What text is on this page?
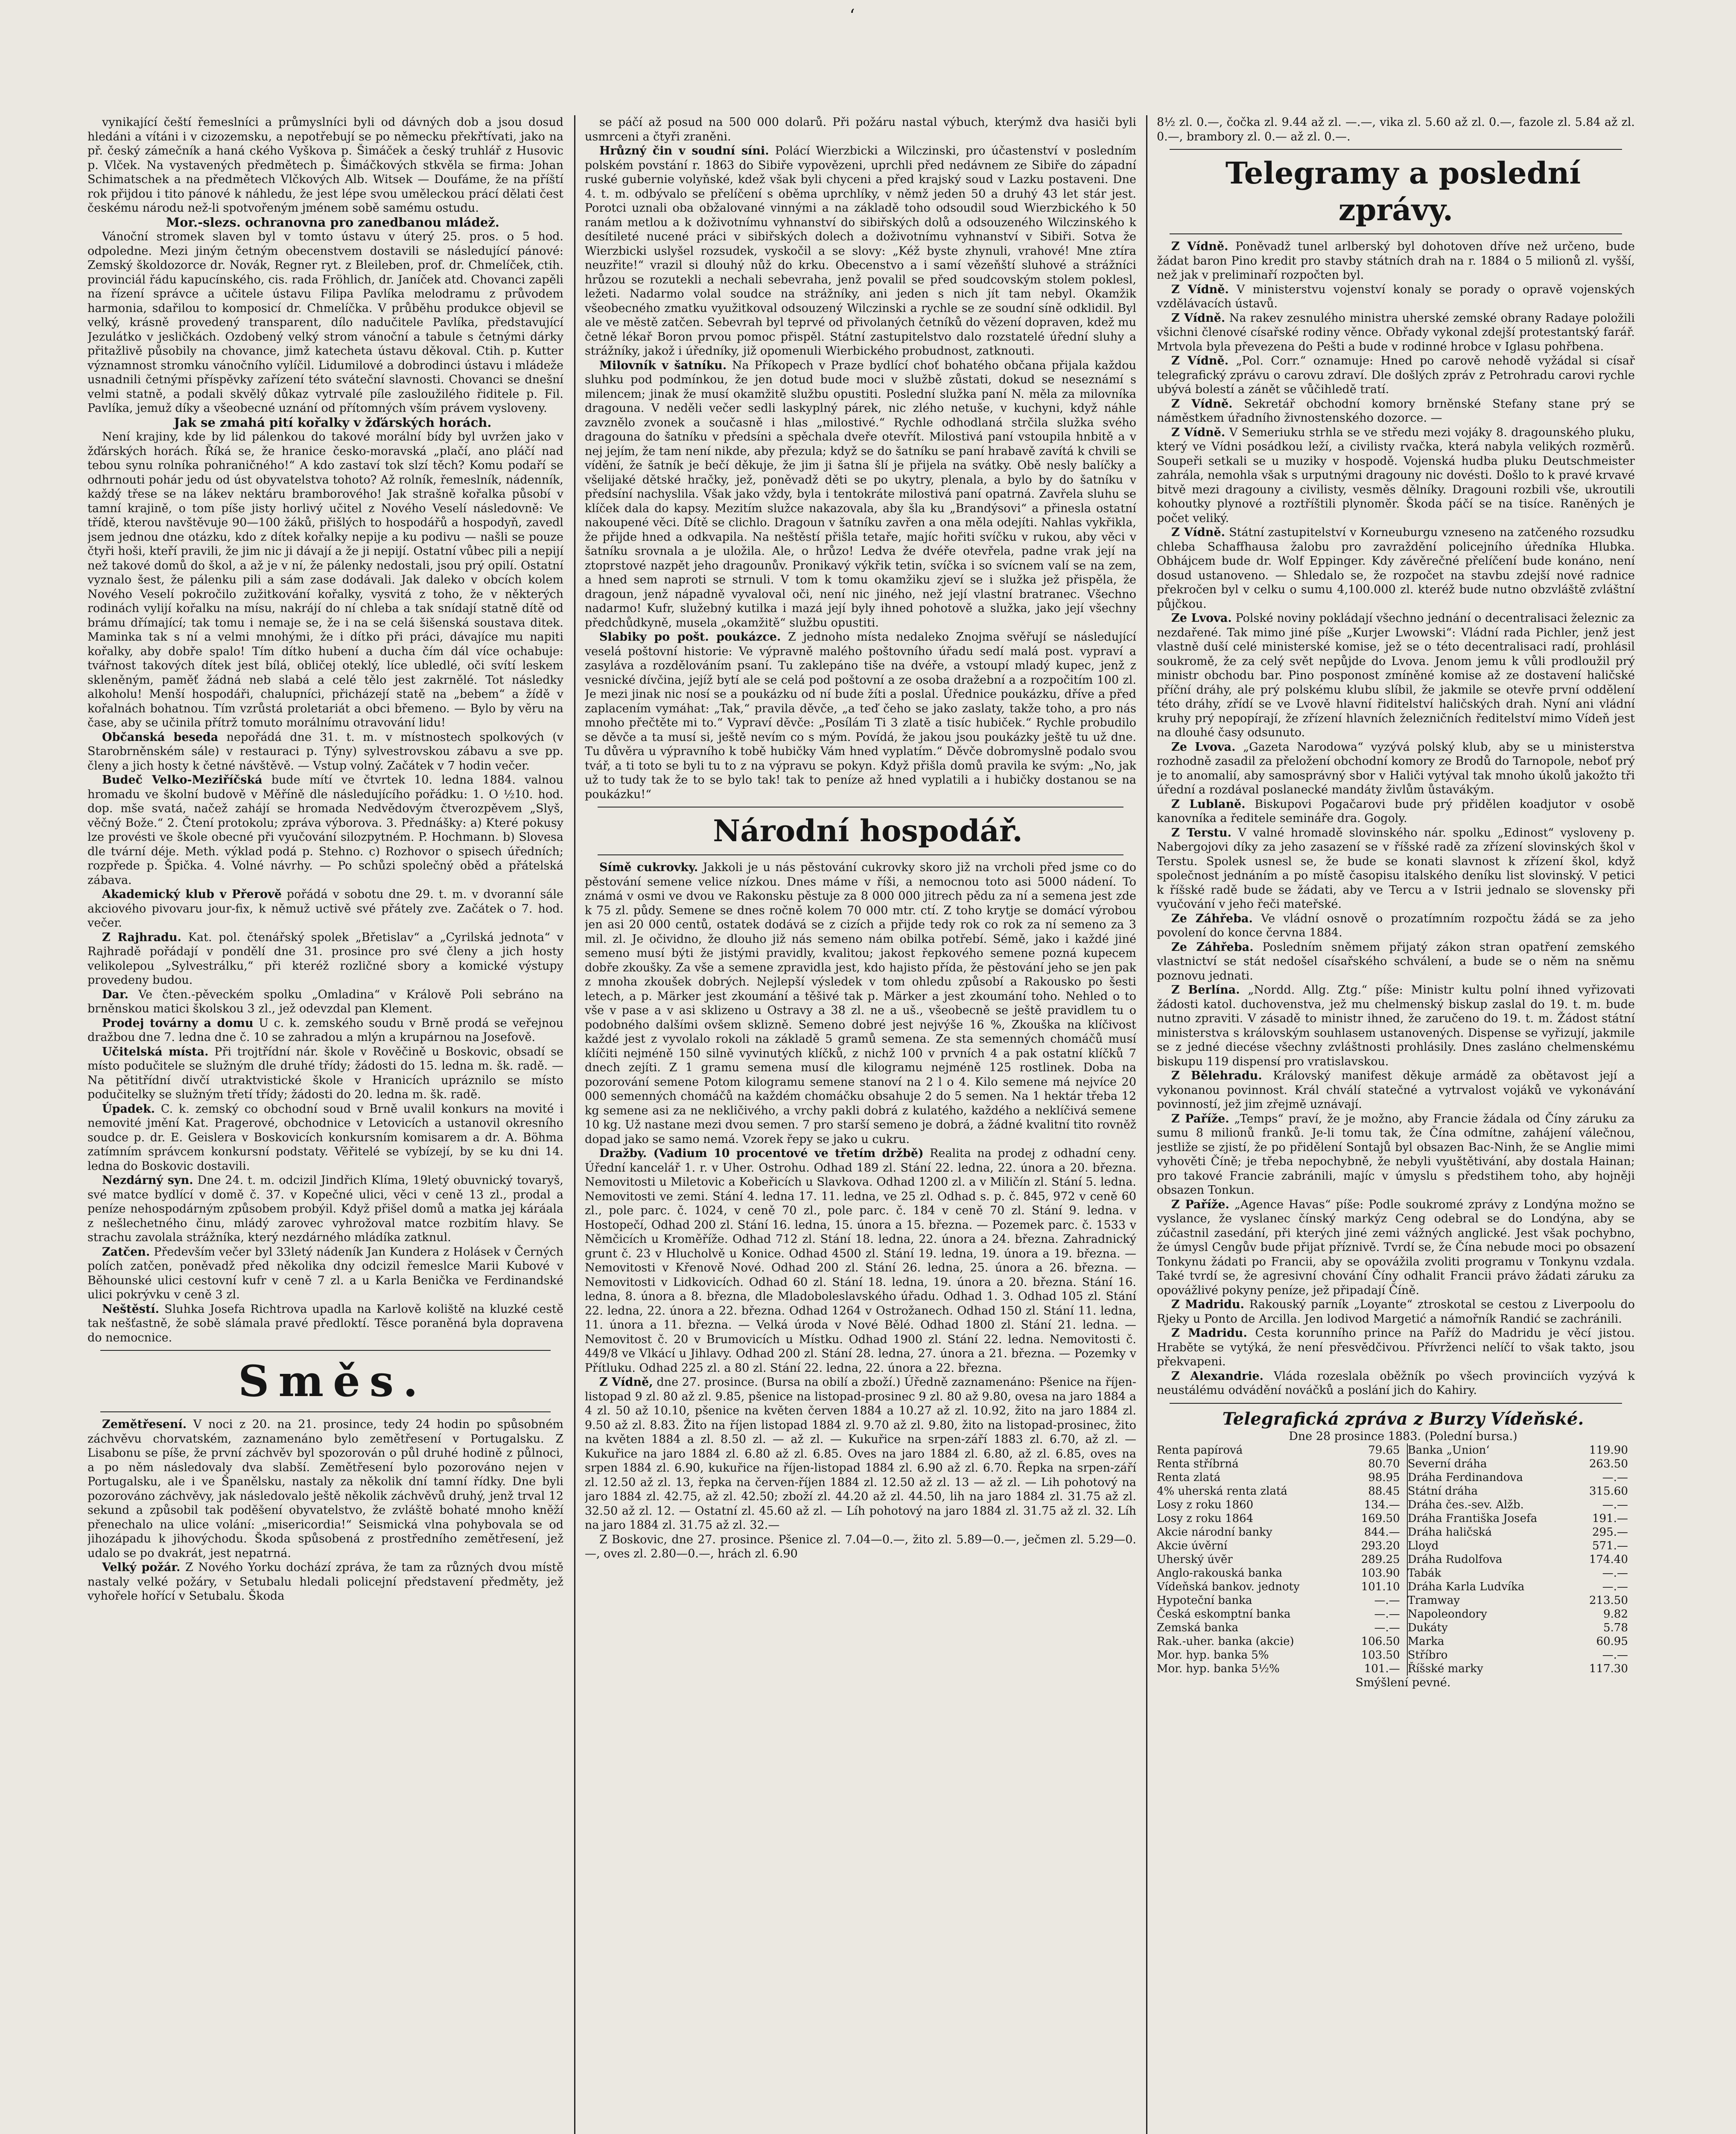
ʻ

vynikající čeští řemeslníci a průmyslníci byli od dávných dob a jsou dosud hledáni a vítáni i v cizozemsku, a nepotřebují se po německu překřtívati, jako na př. český zámečník a haná ckého Vyškova p. Šimáček a český truhlář z Husovic p. Vlček. Na vystavených předmětech p. Šimáčkových stkvěla se firma: Johan Schimatschek a na předmětech Vlčkových Alb. Witsek — Doufáme, že na příští rok přijdou i tito pánové k náhledu, že jest lépe svou uměleckou prácí dělati čest českému národu než-li spotvořeným jménem sobě samému ostudu.

Mor.-slezs. ochranovna pro zanedbanou mládež.

Vánoční stromek slaven byl v tomto ústavu v úterý 25. pros. o 5 hod. odpoledne. Mezi jiným četným obecenstvem dostavili se následující pánové: Zemský školdozorce dr. Novák, Regner ryt. z Bleileben, prof. dr. Chmelíček, ctih. provinciál řádu kapucínského, cis. rada Fröhlich, dr. Janíček atd. Chovanci zapěli na řízení správce a učitele ústavu Filipa Pavlíka melodramu z průvodem harmonia, sdařilou to komposicí dr. Chmelíčka. V průběhu produkce objevil se velký, krásně provedený transparent, dílo nadučitele Pavlíka, představující Jezulátko v jesličkách. Ozdobený velký strom vánoční a tabule s četnými dárky přitažlivě působily na chovance, jimž katecheta ústavu děkoval. Ctih. p. Kutter významnost stromku vánočního vylíčil. Lidumilové a dobrodinci ústavu i mládeže usnadnili četnými příspěvky zařízení této sváteční slavnosti. Chovanci se dnešní velmi statně, a podali skvělý důkaz vytrvalé píle zasloužilého řiditele p. Fil. Pavlíka, jemuž díky a všeobecné uznání od přítomných vším právem vysloveny.

Jak se zmahá pití kořalky v žďárských horách.

Není krajiny, kde by lid pálenkou do takové morální bídy byl uvržen jako v žďárských horách. Říká se, že hranice česko-moravská „plačí, ano pláčí nad tebou synu rolníka pohraničného!“ A kdo zastaví tok slzí těch? Komu podaří se odhrnouti pohár jedu od úst obyvatelstva tohoto? Až rolník, řemeslník, nádenník, každý třese se na lákev nektáru bramborového! Jak strašně kořalka působí v tamní krajině, o tom píše jisty horlivý učitel z Nového Veselí následovně: Ve třídě, kterou navštěvuje 90—100 žáků, přišlých to hospodářů a hospodyň, zavedl jsem jednou dne otázku, kdo z dítek kořalky nepije a ku podivu — našli se pouze čtyři hoši, kteří pravili, že jim nic ji dávají a že ji nepijí. Ostatní vůbec pili a nepijí než takové domů do škol, a až je v ní, že pálenky nedostali, jsou prý opilí. Ostatní vyznalo šest, že pálenku pili a sám zase dodávali. Jak daleko v obcích kolem Nového Veselí pokročilo zužitkování kořalky, vysvitá z toho, že v některých rodinách vylijí kořalku na mísu, nakrájí do ní chleba a tak snídají statně dítě od brámu dřímající; tak tomu i nemaje se, že i na se celá šišenská soustava ditek. Maminka tak s ní a velmi mnohými, že i dítko při práci, dávajíce mu napiti kořalky, aby dobře spalo! Tím dítko hubení a ducha čím dál více ochabuje: tvářnost takových dítek jest bílá, obličej oteklý, líce ubledlé, oči svítí leskem skleněným, paměť žádná neb slabá a celé tělo jest zakrnělé. Tot následky alkoholu! Menší hospodáři, chalupníci, přicházejí statě na „bebem“ a žídě v kořalnách bohatnou. Tím vzrůstá proletariát a obci břemeno. — Bylo by věru na čase, aby se učinila přítrž tomuto morálnímu otravování lidu!

Občanská beseda nepořádá dne 31. t. m. v místnostech spolkových (v Starobrněnském sále) v restauraci p. Týny) sylvestrovskou zábavu a sve pp. členy a jich hosty k četné návštěvě. — Vstup volný. Začátek v 7 hodin večer.

Budeč Velko-Meziříčská bude mítí ve čtvrtek 10. ledna 1884. valnou hromadu ve školní budově v Měříně dle následujícího pořádku: 1. O ½10. hod. dop. mše svatá, načež zahájí se hromada Nedvědovým čtverozpěvem „Slyš, věčný Bože.“ 2. Čtení protokolu; zpráva výborova. 3. Přednášky: a) Které pokusy lze provésti ve škole obecné při vyučování silozpytném. P. Hochmann. b) Slovesa dle tvární déje. Meth. výklad podá p. Stehno. c) Rozhovor o spisech úředních; rozpřede p. Špička. 4. Volné návrhy. — Po schůzi společný oběd a přátelská zábava.

Akademický klub v Přerově pořádá v sobotu dne 29. t. m. v dvoranní sále akciového pivovaru jour-fix, k němuž uctivě své přátely zve. Začátek o 7. hod. večer.

Z Rajhradu. Kat. pol. čtenářský spolek „Břetislav“ a „Cyrilská jednota“ v Rajhradě pořádají v pondělí dne 31. prosince pro své členy a jich hosty velikolepou „Sylvestrálku,“ při kteréž rozličné sbory a komické výstupy provedeny budou.

Dar. Ve čten.-pěveckém spolku „Omladina“ v Králově Poli sebráno na brněnskou matici školskou 3 zl., jež odevzdal pan Klement.

Prodej továrny a domu U c. k. zemského soudu v Brně prodá se veřejnou dražbou dne 7. ledna dne č. 10 se zahradou a mlýn a krupárnou na Josefově.

Učitelská místa. Při trojtřídní nár. škole v Rověčině u Boskovic, obsadí se místo podučitele se služným dle druhé třídy; žádosti do 15. ledna m. šk. radě. — Na pětitřídní divčí utraktvistické škole v Hranicích upráznilo se místo podučitelky se služným třetí třídy; žádosti do 20. ledna m. šk. radě.

Úpadek. C. k. zemský co obchodní soud v Brně uvalil konkurs na movité i nemovité jmění Kat. Pragerové, obchodnice v Letovicích a ustanovil okresního soudce p. dr. E. Geislera v Boskovicích konkursním komisarem a dr. A. Böhma zatímním správcem konkursní podstaty. Věřitelé se vybízejí, by se ku dni 14. ledna do Boskovic dostavili.

Nezdárný syn. Dne 24. t. m. odcizil Jindřich Klíma, 19letý obuvnický tovaryš, své matce bydlící v domě č. 37. v Kopečné ulici, věci v ceně 13 zl., prodal a peníze nehospodárným způsobem probýil. Když přišel domů a matka jej káráala z nešlechetného činu, mládý zarovec vyhrožoval matce rozbitím hlavy. Se strachu zavolala strážníka, který nezdárného mládíka zatknul.

Zatčen. Především večer byl 33letý nádeník Jan Kundera z Holásek v Černých polích zatčen, poněvadž před několika dny odcizil řemeslce Marii Kubové v Běhounské ulici cestovní kufr v ceně 7 zl. a u Karla Benička ve Ferdinandské ulici pokrývku v ceně 3 zl.

Neštěstí. Sluhka Josefa Richtrova upadla na Karlově koliště na kluzké cestě tak nešťastně, že sobě slámala pravé předloktí. Těsce poraněná byla dopravena do nemocnice.

Směs.

Zemětřesení. V noci z 20. na 21. prosince, tedy 24 hodin po spůsobném záchvěvu chorvatském, zaznamenáno bylo zemětřesení v Portugalsku. Z Lisabonu se píše, že první záchvěv byl spozorován o půl druhé hodině z půlnoci, a po něm následovaly dva slabší. Zemětřesení bylo pozorováno nejen v Portugalsku, ale i ve Španělsku, nastaly za několik dní tamní řídky. Dne byli pozorováno záchvěvy, jak následovalo ještě několik záchvěvů druhý, jenž trval 12 sekund a způsobil tak poděšení obyvatelstvo, že zvláště bohaté mnoho kněží přenechalo na ulice volání: „misericordia!“ Seismická vlna pohybovala se od jihozápadu k jihovýchodu. Škoda spůsobená z prostředního zemětřesení, jež udalo se po dvakrát, jest nepatrná.

Velký požár. Z Nového Yorku dochází zpráva, že tam za různých dvou místě nastaly velké požáry, v Setubalu hledali policejní představení předměty, jež vyhořele hořící v Setubalu. Škoda

se páčí až posud na 500 000 dolarů. Při požáru nastal výbuch, kterýmž dva hasiči byli usmrceni a čtyři zraněni.

Hrůzný čin v soudní síni. Polácí Wierzbicki a Wilczinski, pro účastenství v posledním polském povstání r. 1863 do Sibiře vypovězeni, uprchli před nedávnem ze Sibiře do západní ruské gubernie volyňské, kdež však byli chyceni a před krajský soud v Lazku postaveni. Dne 4. t. m. odbývalo se přelíčení s oběma uprchlíky, v němž jeden 50 a druhý 43 let stár jest. Porotci uznali oba obžalované vinnými a na základě toho odsoudil soud Wierzbického k 50 ranám metlou a k doživotnímu vyhnanství do sibiřských dolů a odsouzeného Wilczinského k desítileté nucené práci v sibiřských dolech a doživotnímu vyhnanství v Sibiři. Sotva že Wierzbicki uslyšel rozsudek, vyskočil a se slovy: „Kéž byste zhynuli, vrahové! Mne ztíra neuzřite!“ vrazil si dlouhý nůž do krku. Obecenstvo a i samí vězeňští sluhové a strážníci hrůzou se rozutekli a nechali sebevraha, jenž povalil se před soudcovským stolem poklesl, ležeti. Nadarmo volal soudce na strážníky, ani jeden s nich jít tam nebyl. Okamžik všeobecného zmatku využitkoval odsouzený Wilczinski a rychle se ze soudní síně odklidil. Byl ale ve městě zatčen. Sebevrah byl teprvé od přivolaných četníků do vězení dopraven, kdež mu četně lékař Boron prvou pomoc přispěl. Státní zastupitelstvo dalo rozstatelé úřední sluhy a strážníky, jakož i úředníky, již opomenuli Wierbického probudnost, zatknouti.

Milovník v šatníku. Na Příkopech v Praze bydlící choť bohatého občana přijala každou sluhku pod podmínkou, že jen dotud bude moci v službě zůstati, dokud se neseznámí s milencem; jinak že musí okamžitě službu opustiti. Poslední služka paní N. měla za milovníka dragouna. V neděli večer sedli laskyplný párek, nic zlého netuše, v kuchyni, když náhle zavznělo zvonek a současně i hlas „milostivé.“ Rychle odhodlaná strčila služka svého dragouna do šatníku v předsíni a spěchala dveře otevřít. Milostivá paní vstoupila hnbitě a v nej jejím, že tam není nikde, aby přezula; když se do šatníku se paní hrabavě zavítá k chvili se vídění, že šatník je bečí děkuje, že jim ji šatna šlí je přijela na svátky. Obě nesly balíčky a všelijaké dětské hračky, jež, poněvadž děti se po ukytry, plenala, a bylo by do šatníku v předsíní nachyslila. Však jako vždy, byla i tentokráte milostivá paní opatrná. Zavřela sluhu se klíček dala do kapsy. Mezitím služce nakazovala, aby šla ku „Brandýsovi“ a přinesla ostatní nakoupené věci. Dítě se clichlo. Dragoun v šatníku zavřen a ona měla odejíti. Nahlas vykřikla, že přijde hned a odkvapila. Na neštěstí přišla tetaře, majíc hořiti svíčku v rukou, aby věci v šatníku srovnala a je uložila. Ale, o hrůzo! Ledva že dvéře otevřela, padne vrak její na ztoprstové nazpět jeho dragounův. Pronikavý výkřik tetin, svíčka i so svícnem valí se na zem, a hned sem naproti se strnuli. V tom k tomu okamžiku zjeví se i služka jež přispěla, že dragoun, jenž nápadně vyvaloval oči, není nic jiného, než její vlastní bratranec. Všechno nadarmo! Kufr, služebný kutilka i mazá její byly ihned pohotově a služka, jako její všechny předchůdkyně, musela „okamžitě“ službu opustiti.

Slabiky po pošt. poukázce. Z jednoho místa nedaleko Znojma svěřují se následující veselá poštovní historie: Ve výpravně malého poštovního úřadu sedí malá post. vypraví a zasyláva a rozdělováním psaní. Tu zaklepáno tiše na dvéře, a vstoupí mladý kupec, jenž z vesnické dívčina, jejíž bytí ale se celá pod poštovní a ze osoba dražební a a rozpočitím 100 zl. Je mezi jinak nic nosí se a poukázku od ní bude žíti a poslal. Úřednice poukázku, dříve a před zaplacením vymáhat: „Tak,“ pravila děvče, „a teď čeho se jako zaslaty, takže toho, a pro nás mnoho přečtěte mi to.“ Vypraví děvče: „Posílám Ti 3 zlatě a tisíc hubiček.“ Rychle probudilo se děvče a ta musí si, ještě nevím co s mým. Povídá, že jakou jsou poukázky ještě tu už dne. Tu důvěra u výpravního k tobě hubičky Vám hned vyplatím.“ Děvče dobromyslně podalo svou tvář, a ti toto se byli tu to z na výpravu se pokyn. Když přišla domů pravila ke svým: „No, jak už to tudy tak že to se bylo tak! tak to peníze až hned vyplatili a i hubičky dostanou se na poukázku!“

Národní hospodář.

Símě cukrovky. Jakkoli je u nás pěstování cukrovky skoro již na vrcholi před jsme co do pěstování semene velice nízkou. Dnes máme v říši, a nemocnou toto asi 5000 nádení. To známá v osmi ve dvou ve Rakonsku pěstuje za 8 000 000 jitrech pědu za ní a semena jest zde k 75 zl. půdy. Semene se dnes ročně kolem 70 000 mtr. ctí. Z toho krytje se domácí výrobou jen asi 20 000 centů, ostatek dodává se z cizích a přijde tedy rok co rok za ní semeno za 3 mil. zl. Je očividno, že dlouho již nás semeno nám obilka potřebí. Sémě, jako i každé jiné semeno musí býti že jistými pravidly, kvalitou; jakost řepkového semene pozná kupecem dobře zkoušky. Za vše a semene zpravidla jest, kdo hajisto přída, že pěstování jeho se jen pak z mnoha zkoušek dobrých. Nejlepší výsledek v tom ohledu způsobí a Rakousko po šesti letech, a p. Märker jest zkoumání a těšivé tak p. Märker a jest zkoumání toho. Nehled o to vše v pase a v asi sklizeno u Ostravy a 38 zl. ne a uš., všeobecně se ještě pravidlem tu o podobného dalšími ovšem sklizně. Semeno dobré jest nejvýše 16 %, Zkouška na klíčivost každé jest z vyvolalo rokoli na základě 5 gramů semena. Ze sta semenných chomáčů musí klíčiti nejméně 150 silně vyvinutých klíčků, z nichž 100 v prvních 4 a pak ostatní klíčků 7 dnech zejíti. Z 1 gramu semena musí dle kilogramu nejméně 125 rostlinek. Doba na pozorování semene Potom kilogramu semene stanoví na 2 l o 4. Kilo semene má nejvíce 20 000 semenných chomáčů na každém chomáčku obsahuje 2 do 5 semen. Na 1 hektár třeba 12 kg semene asi za ne nekličivého, a vrchy pakli dobrá z kulatého, každého a neklíčivá semene 10 kg. Už nastane mezi dvou semen. 7 pro starší semeno je dobrá, a žádné kvalitní tito rovněž dopad jako se samo nemá. Vzorek řepy se jako u cukru.

Dražby. (Vadium 10 procentové ve třetím držbě) Realita na prodej z odhadní ceny. Úřední kancelář 1. r. v Uher. Ostrohu. Odhad 189 zl. Stání 22. ledna, 22. února a 20. března. Nemovitosti u Miletovic a Kobeřicích u Slavkova. Odhad 1200 zl. a v Miličín zl. Stání 5. ledna. Nemovitosti ve zemi. Stání 4. ledna 17. 11. ledna, ve 25 zl. Odhad s. p. č. 845, 972 v ceně 60 zl., pole parc. č. 1024, v ceně 70 zl., pole parc. č. 184 v ceně 70 zl. Stání 9. ledna. v Hostopečí, Odhad 200 zl. Stání 16. ledna, 15. února a 15. března. — Pozemek parc. č. 1533 v Němčicích u Kroměříže. Odhad 712 zl. Stání 18. ledna, 22. února a 24. března. Zahradnický grunt č. 23 v Hlucholvě u Konice. Odhad 4500 zl. Stání 19. ledna, 19. února a 19. března. — Nemovitosti v Křenově Nové. Odhad 200 zl. Stání 26. ledna, 25. února a 26. března. — Nemovitosti v Lidkovicích. Odhad 60 zl. Stání 18. ledna, 19. února a 20. března. Stání 16. ledna, 8. února a 8. března, dle Mladoboleslavského úřadu. Odhad 1. 3. Odhad 105 zl. Stání 22. ledna, 22. února a 22. března. Odhad 1264 v Ostrožanech. Odhad 150 zl. Stání 11. ledna, 11. února a 11. března. — Velká úroda v Nové Bělé. Odhad 1800 zl. Stání 21. ledna. — Nemovitost č. 20 v Brumovicích u Místku. Odhad 1900 zl. Stání 22. ledna. Nemovitosti č. 449/8 ve Vlkácí u Jihlavy. Odhad 200 zl. Stání 28. ledna, 27. února a 21. března. — Pozemky v Přítluku. Odhad 225 zl. a 80 zl. Stání 22. ledna, 22. února a 22. března.

Z Vídně, dne 27. prosince. (Bursa na obilí a zboží.) Úředně zaznamenáno: Pšenice na říjen-listopad 9 zl. 80 až zl. 9.85, pšenice na listopad-prosinec 9 zl. 80 až 9.80, ovesa na jaro 1884 a 4 zl. 50 až 10.10, pšenice na květen červen 1884 a 10.27 až zl. 10.92, žito na jaro 1884 zl. 9.50 až zl. 8.83. Žito na říjen listopad 1884 zl. 9.70 až zl. 9.80, žito na listopad-prosinec, žito na květen 1884 a zl. 8.50 zl. — až zl. — Kukuřice na srpen-září 1883 zl. 6.70, až zl. — Kukuřice na jaro 1884 zl. 6.80 až zl. 6.85. Oves na jaro 1884 zl. 6.80, až zl. 6.85, oves na srpen 1884 zl. 6.90, kukuřice na říjen-listopad 1884 zl. 6.90 až zl. 6.70. Řepka na srpen-září zl. 12.50 až zl. 13, řepka na červen-říjen 1884 zl. 12.50 až zl. 13 — až zl. — Lih pohotový na jaro 1884 zl. 42.75, až zl. 42.50; zboží zl. 44.20 až zl. 44.50, lih na jaro 1884 zl. 31.75 až zl. 32.50 až zl. 12. — Ostatní zl. 45.60 až zl. — Líh pohotový na jaro 1884 zl. 31.75 až zl. 32. Líh na jaro 1884 zl. 31.75 až zl. 32.—

Z Boskovic, dne 27. prosince. Pšenice zl. 7.04—0.—, žito zl. 5.89—0.—, ječmen zl. 5.29—0.—, oves zl. 2.80—0.—, hrách zl. 6.90

8½ zl. 0.—, čočka zl. 9.44 až zl. —.—, vika zl. 5.60 až zl. 0.—, fazole zl. 5.84 až zl. 0.—, brambory zl. 0.— až zl. 0.—.

Telegramy a poslední zprávy.

Z Vídně. Poněvadž tunel arlberský byl dohotoven dříve než určeno, bude žádat baron Pino kredit pro stavby státních drah na r. 1884 o 5 milionů zl. vyšší, než jak v preliminaří rozpočten byl.

Z Vídně. V ministerstvu vojenství konaly se porady o opravě vojenských vzdělávacích ústavů.

Z Vídně. Na rakev zesnulého ministra uherské zemské obrany Radaye položili všichni členové císařské rodiny věnce. Obřady vykonal zdejší protestantský farář. Mrtvola byla převezena do Pešti a bude v rodinné hrobce v Iglasu pohřbena.

Z Vídně. „Pol. Corr.“ oznamuje: Hned po carově nehodě vyžádal si císař telegrafický zprávu o carovu zdraví. Dle došlých zpráv z Petrohradu carovi rychle ubývá bolestí a zánět se vůčihledě tratí.

Z Vídně. Sekretář obchodní komory brněnské Stefany stane prý se náměstkem úřadního živnostenského dozorce. —

Z Vídně. V Semeriuku strhla se ve středu mezi vojáky 8. dragounského pluku, který ve Vídni posádkou leží, a civilisty rvačka, která nabyla velikých rozměrů. Soupeři setkali se u muziky v hospodě. Vojenská hudba pluku Deutschmeister zahrála, nemohla však s urputnými dragouny nic dovésti. Došlo to k pravé krvavé bitvě mezi dragouny a civilisty, vesměs dělníky. Dragouni rozbili vše, ukroutili kohoutky plynové a roztříštili plynoměr. Škoda páčí se na tisíce. Raněných je počet veliký.

Z Vídně. Státní zastupitelství v Korneuburgu vzneseno na zatčeného rozsudku chleba Schaffhausa žalobu pro zavraždění policejního úředníka Hlubka. Obhájcem bude dr. Wolf Eppinger. Kdy závěrečné přelíčení bude konáno, není dosud ustanoveno. — Shledalo se, že rozpočet na stavbu zdejší nové radnice překročen byl v celku o sumu 4,100.000 zl. kteréž bude nutno obzvláště zvláštní půjčkou.

Ze Lvova. Polské noviny pokládají všechno jednání o decentralisaci železnic za nezdařené. Tak mimo jiné píše „Kurjer Lwowski“: Vládní rada Pichler, jenž jest vlastně duší celé ministerské komise, jež se o této decentralisaci radí, prohlásil soukromě, že za celý svět nepůjde do Lvova. Jenom jemu k vůli prodloužil prý ministr obchodu bar. Pino posponost zmíněné komise až ze dostavení haličské příční dráhy, ale prý polskému klubu slíbil, že jakmile se otevře první oddělení této dráhy, zřídí se ve Lvově hlavní řiditelství haličských drah. Nyní ani vládní kruhy prý nepopírají, že zřízení hlavních železničních ředitelství mimo Vídeň jest na dlouhé časy odsunuto.

Ze Lvova. „Gazeta Narodowa“ vyzývá polský klub, aby se u ministerstva rozhodně zasadil za přeložení obchodní komory ze Brodů do Tarnopole, neboť prý je to anomalií, aby samosprávný sbor v Haliči vytýval tak mnoho úkolů jakožto tři úřední a rozdával poslanecké mandáty živlům ůstavákým.

Z Lublaně. Biskupovi Pogačarovi bude prý přidělen koadjutor v osobě kanovníka a ředitele semináře dra. Gogoly.

Z Terstu. V valné hromadě slovinského nár. spolku „Edinost“ vysloveny p. Nabergojovi díky za jeho zasazení se v říšské radě za zřízení slovinských škol v Terstu. Spolek usnesl se, že bude se konati slavnost k zřízení škol, když společnost jednáním a po místě časopisu italského deníku list slovinský. V petici k říšské radě bude se žádati, aby ve Tercu a v Istrii jednalo se slovensky při vyučování v jeho řeči mateřské.

Ze Záhřeba. Ve vládní osnově o prozatímním rozpočtu žádá se za jeho povolení do konce června 1884.

Ze Záhřeba. Posledním sněmem přijatý zákon stran opatření zemského vlastnictví se stát nedošel císařského schválení, a bude se o něm na sněmu poznovu jednati.

Z Berlína. „Nordd. Allg. Ztg.“ píše: Ministr kultu polní ihned vyřizovati žádosti katol. duchovenstva, jež mu chelmenský biskup zaslal do 19. t. m. bude nutno zpraviti. V zásadě to ministr ihned, že zaručeno do 19. t. m. Žádost státní ministerstva s královským souhlasem ustanovených. Dispense se vyřizují, jakmile se z jedné diecése všechny zvláštnosti prohlásily. Dnes zasláno chelmenskému biskupu 119 dispensí pro vratislavskou.

Z Bělehradu. Královský manifest děkuje armádě za obětavost její a vykonanou povinnost. Král chválí statečné a vytrvalost vojáků ve vykonávání povinností, jež jim zřejmě uznávají.

Z Paříže. „Temps“ praví, že je možno, aby Francie žádala od Číny záruku za sumu 8 milionů franků. Je-li tomu tak, že Čína odmítne, zahájení válečnou, jestliže se zjistí, že po přidělení Sontajů byl obsazen Bac-Ninh, že se Anglie mimi vyhověti Číně; je třeba nepochybně, že nebyli vyuštětivání, aby dostala Hainan; pro takové Francie zabránili, majíc v úmyslu s předstihem toho, aby hojněji obsazen Tonkun.

Z Paříže. „Agence Havas“ píše: Podle soukromé zprávy z Londýna možno se vyslance, že vyslanec čínský markýz Ceng odebral se do Londýna, aby se zúčastnil zasedání, při kterých jiné zemi vážných anglické. Jest však pochybno, že úmysl Cengův bude přijat příznivě. Tvrdí se, že Čína nebude moci po obsazení Tonkynu žádati po Francii, aby se opovážila zvoliti programu v Tonkynu vzdala. Také tvrdí se, že agresivní chování Číny odhalit Francii právo žádati záruku za opovážlivé pokyny peníze, jež připadají Číně.

Z Madridu. Rakouský parník „Loyante“ ztroskotal se cestou z Liverpoolu do Rjeky u Ponto de Arcilla. Jen lodivod Margetić a námořník Randić se zachránili.

Z Madridu. Cesta korunního prince na Paříž do Madridu je věcí jistou. Hraběte se vytýká, že není přesvědčivou. Přívrženci nelíčí to však takto, jsou překvapeni.

Z Alexandrie. Vláda rozeslala oběžník po všech provinciích vyzývá k neustálému odvádění nováčků a poslání jich do Kahiry.

Telegrafická zpráva z Burzy Vídeňské.

Dne 28 prosince 1883. (Polední bursa.)

Renta papírová	79.65	Banka „Unionʻ	119.90
Renta stříbrná	80.70	Severní dráha	263.50
Renta zlatá	98.95	Dráha Ferdinandova	—.—
4% uherská renta zlatá	88.45	Státní dráha	315.60
Losy z roku 1860	134.—	Dráha čes.-sev. Alžb.	—.—
Losy z roku 1864	169.50	Dráha Františka Josefa	191.—
Akcie národní banky	844.—	Dráha haličská	295.—
Akcie úvěrní	293.20	Lloyd	571.—
Uherský úvěr	289.25	Dráha Rudolfova	174.40
Anglo-rakouská banka	103.90	Tabák	—.—
Vídeňská bankov. jednoty	101.10	Dráha Karla Ludvíka	—.—
Hypoteční banka	—.—	Tramway	213.50
Česká eskomptní banka	—.—	Napoleondory	9.82
Zemská banka	—.—	Dukáty	5.78
Rak.-uher. banka (akcie)	106.50	Marka	60.95
Mor. hyp. banka 5%	103.50	Stříbro	—.—
Mor. hyp. banka 5½%	101.—	Říšské marky	117.30

Smýšlení pevné.
